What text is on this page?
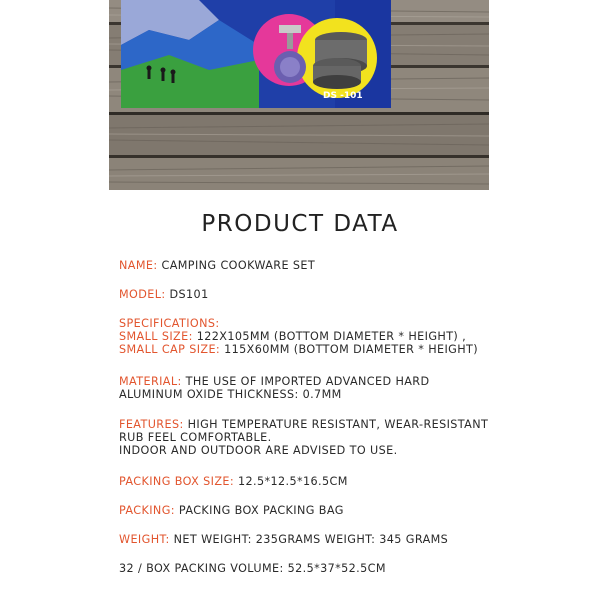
DS -101
PRODUCT DATA

NAME: CAMPING COOKWARE SET

MODEL: DS101

SPECIFICATIONS:
SMALL SIZE: 122X105MM (BOTTOM DIAMETER * HEIGHT) ,
SMALL CAP SIZE: 115X60MM (BOTTOM DIAMETER * HEIGHT)

MATERIAL: THE USE OF IMPORTED ADVANCED HARD
ALUMINUM OXIDE THICKNESS: 0.7MM

FEATURES: HIGH TEMPERATURE RESISTANT, WEAR-RESISTANT
RUB FEEL COMFORTABLE.
INDOOR AND OUTDOOR ARE ADVISED TO USE.

PACKING BOX SIZE: 12.5*12.5*16.5CM

PACKING: PACKING BOX PACKING BAG

WEIGHT: NET WEIGHT: 235GRAMS WEIGHT: 345 GRAMS

32 / BOX PACKING VOLUME: 52.5*37*52.5CM
